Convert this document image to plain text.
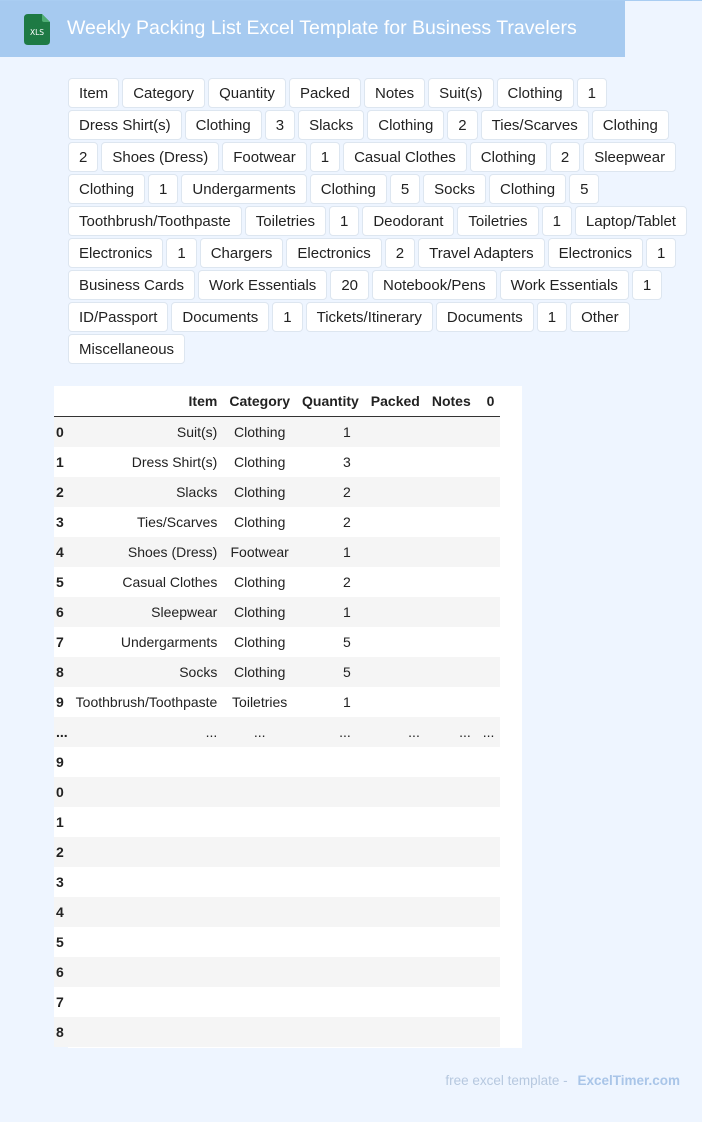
XLS Weekly Packing List Excel Template for Business Travelers
Item	Category	Quantity	Packed	Notes	Suit(s)	Clothing	1
Dress Shirt(s)	Clothing	3	Slacks	Clothing	2	Ties/Scarves	Clothing
2	Shoes (Dress)	Footwear	1	Casual Clothes	Clothing	2	Sleepwear
Clothing	1	Undergarments	Clothing	5	Socks	Clothing	5
Toothbrush/Toothpaste	Toiletries	1	Deodorant	Toiletries	1	Laptop/Tablet
Electronics	1	Chargers	Electronics	2	Travel Adapters	Electronics	1
Business Cards	Work Essentials	20	Notebook/Pens	Work Essentials	1
ID/Passport	Documents	1	Tickets/Itinerary	Documents	1	Other
Miscellaneous
	Item	Category	Quantity	Packed	Notes	0
0	Suit(s)	Clothing	1			
1	Dress Shirt(s)	Clothing	3			
2	Slacks	Clothing	2			
3	Ties/Scarves	Clothing	2			
4	Shoes (Dress)	Footwear	1			
5	Casual Clothes	Clothing	2			
6	Sleepwear	Clothing	1			
7	Undergarments	Clothing	5			
8	Socks	Clothing	5			
9	Toothbrush/Toothpaste	Toiletries	1			
...	...	...	...	...	...	...
9						
0						
1						
2						
3						
4						
5						
6						
7						
8						
free excel template - ExcelTimer.com
